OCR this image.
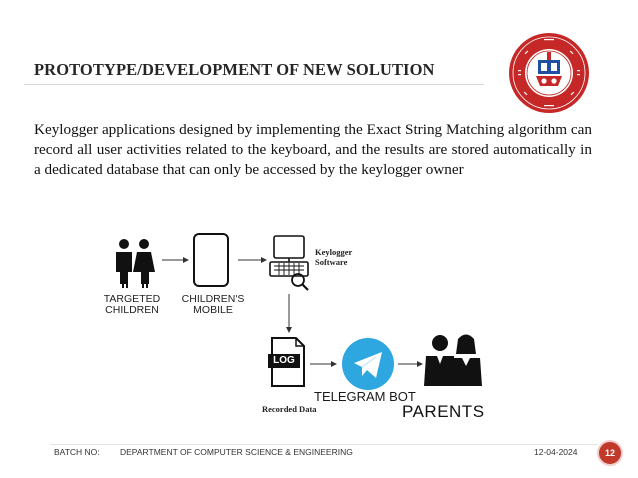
PROTOTYPE/DEVELOPMENT OF NEW SOLUTION
Keylogger applications designed by implementing the Exact String Matching algorithm can record all user activities related to the keyboard, and the results are stored automatically in a dedicated database that can only be accessed by the keylogger owner
TARGETED
CHILDREN
CHILDREN'S
MOBILE
Keylogger
Software
LOG
Recorded Data
TELEGRAM BOT
PARENTS
BATCH NO: DEPARTMENT OF COMPUTER SCIENCE & ENGINEERING	12-04-2024	12
